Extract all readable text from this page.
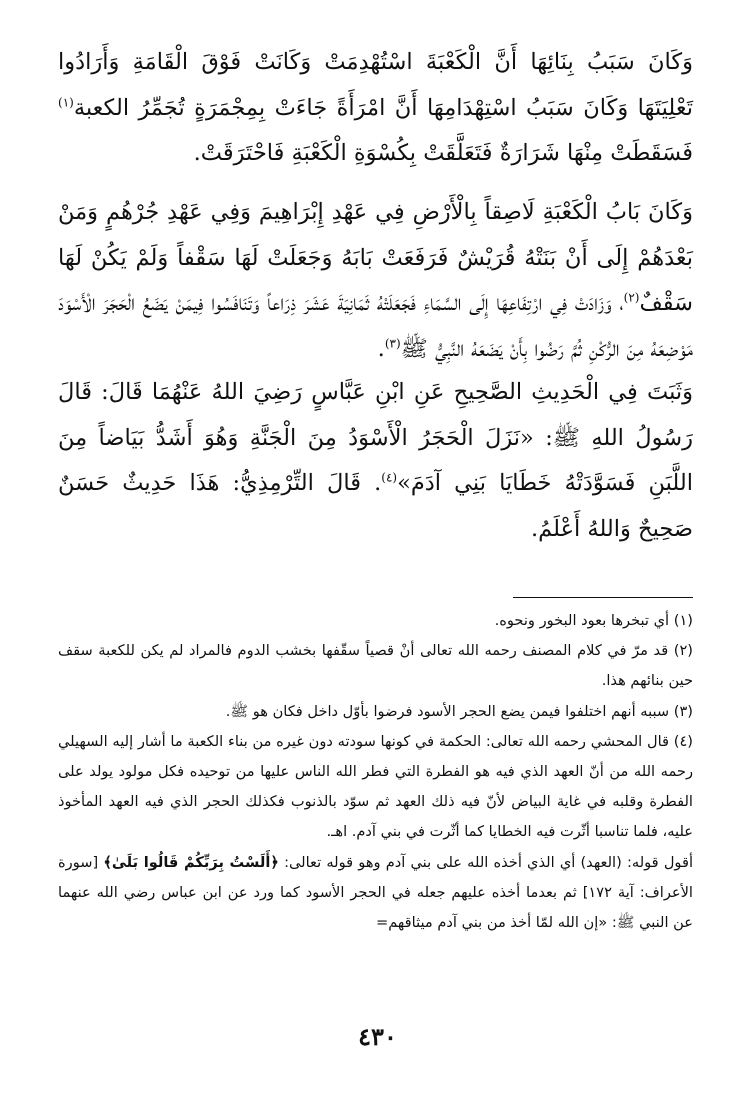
وَكَانَ سَبَبُ بِنَائِهَا أَنَّ الْكَعْبَةَ اسْتُهْدِمَتْ وَكَانَتْ فَوْقَ الْقَامَةِ وَأَرَادُوا تَعْلِيَتَهَا وَكَانَ سَبَبُ اسْتِهْدَامِهَا أَنَّ امْرَأَةً جَاءَتْ بِمِجْمَرَةٍ تُجَمِّرُ الكعبة$^{(١)}$ فَسَقَطَتْ مِنْهَا شَرَارَةٌ فَتَعَلَّقَتْ بِكُسْوَةِ الْكَعْبَةِ فَاحْتَرَقَتْ.

وَكَانَ بَابُ الْكَعْبَةِ لَاصِقاً بِالْأَرْضِ فِي عَهْدِ إِبْرَاهِيمَ وَفِي عَهْدِ جُرْهُمٍ وَمَنْ بَعْدَهُمْ إِلَى أَنْ بَنَتْهُ قُرَيْشٌ فَرَفَعَتْ بَابَهُ وَجَعَلَتْ لَهَا سَقْفاً وَلَمْ يَكُنْ لَهَا سَقْفٌ$^{(٢)}$، وَزَادَتْ فِي ارْتِفَاعِهَا إِلَى السَّمَاءِ فَجَعَلَتْهُ ثَمَانِيَةَ عَشَرَ ذِرَاعاً وَتَنَافَسُوا فِيمَنْ يَضَعُ الْحَجَرَ الْأَسْوَدَ مَوْضِعَهُ مِنَ الرُّكْنِ ثُمَّ رَضُوا بِأَنْ يَضَعَهُ النَّبِيُّ ﷺ$^{(٣)}$.

وَثَبَتَ فِي الْحَدِيثِ الصَّحِيحِ عَنِ ابْنِ عَبَّاسٍ رَضِيَ اللهُ عَنْهُمَا قَالَ: قَالَ رَسُولُ اللهِ ﷺ: «نَزَلَ الْحَجَرُ الْأَسْوَدُ مِنَ الْجَنَّةِ وَهُوَ أَشَدُّ بَيَاضاً مِنَ اللَّبَنِ فَسَوَّدَتْهُ خَطَايَا بَنِي آدَمَ»$^{(٤)}$. قَالَ التِّرْمِذِيُّ: هَذَا حَدِيثٌ حَسَنٌ صَحِيحٌ وَاللهُ أَعْلَمُ.

(١) أي تبخرها بعود البخور ونحوه.

(٢) قد مرّ في كلام المصنف رحمه الله تعالى أنْ قصياً سقّفها بخشب الدوم فالمراد لم يكن للكعبة سقف حين بنائهم هذا.

(٣) سببه أنهم اختلفوا فيمن يضع الحجر الأسود فرضوا بأوّل داخل فكان هو ﷺ.

(٤) قال المحشي رحمه الله تعالى: الحكمة في كونها سودته دون غيره من بناء الكعبة ما أشار إليه السهيلي رحمه الله من أنّ العهد الذي فيه هو الفطرة التي فطر الله الناس عليها من توحيده فكل مولود يولد على الفطرة وقلبه في غاية البياض لأنّ فيه ذلك العهد ثم سوّد بالذنوب فكذلك الحجر الذي فيه العهد المأخوذ عليه، فلما تناسبا أثّرت فيه الخطايا كما أثّرت في بني آدم. اهـ.

أقول قوله: (العهد) أي الذي أخذه الله على بني آدم وهو قوله تعالى: ﴿أَلَسْتُ بِرَبِّكُمْ قَالُوا بَلَىٰ﴾ [سورة الأعراف: آية ١٧٢] ثم بعدما أخذه عليهم جعله في الحجر الأسود كما ورد عن ابن عباس رضي الله عنهما عن النبي ﷺ: «إن الله لمّا أخذ من بني آدم ميثاقهم=

٤٣٠
